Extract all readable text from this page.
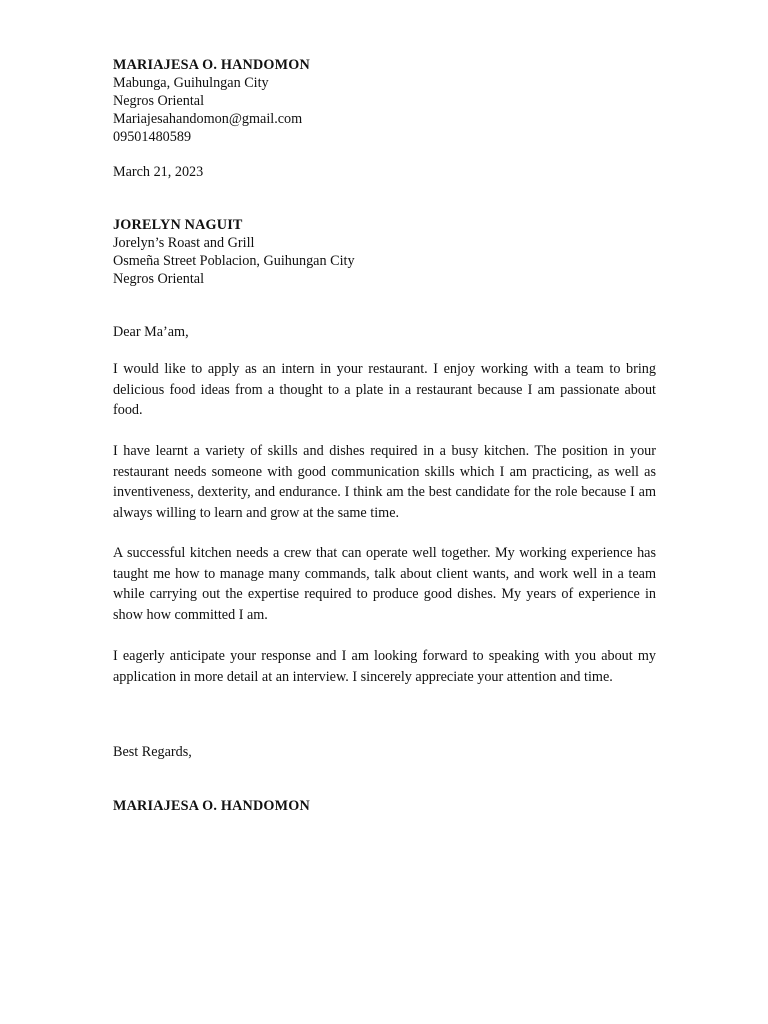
MARIAJESA O. HANDOMON
Mabunga, Guihulngan City
Negros Oriental
Mariajesahandomon@gmail.com
09501480589
March 21, 2023
JORELYN NAGUIT
Jorelyn’s Roast and Grill
Osmeña Street Poblacion, Guihungan City
Negros Oriental
Dear Ma’am,
I would like to apply as an intern in your restaurant. I enjoy working with a team to bring delicious food ideas from a thought to a plate in a restaurant because I am passionate about food.
I have learnt a variety of skills and dishes required in a busy kitchen. The position in your restaurant needs someone with good communication skills which I am practicing, as well as inventiveness, dexterity, and endurance. I think am the best candidate for the role because I am always willing to learn and grow at the same time.
A successful kitchen needs a crew that can operate well together. My working experience has taught me how to manage many commands, talk about client wants, and work well in a team while carrying out the expertise required to produce good dishes. My years of experience in show how committed I am.
I eagerly anticipate your response and I am looking forward to speaking with you about my application in more detail at an interview. I sincerely appreciate your attention and time.
Best Regards,
MARIAJESA O. HANDOMON
